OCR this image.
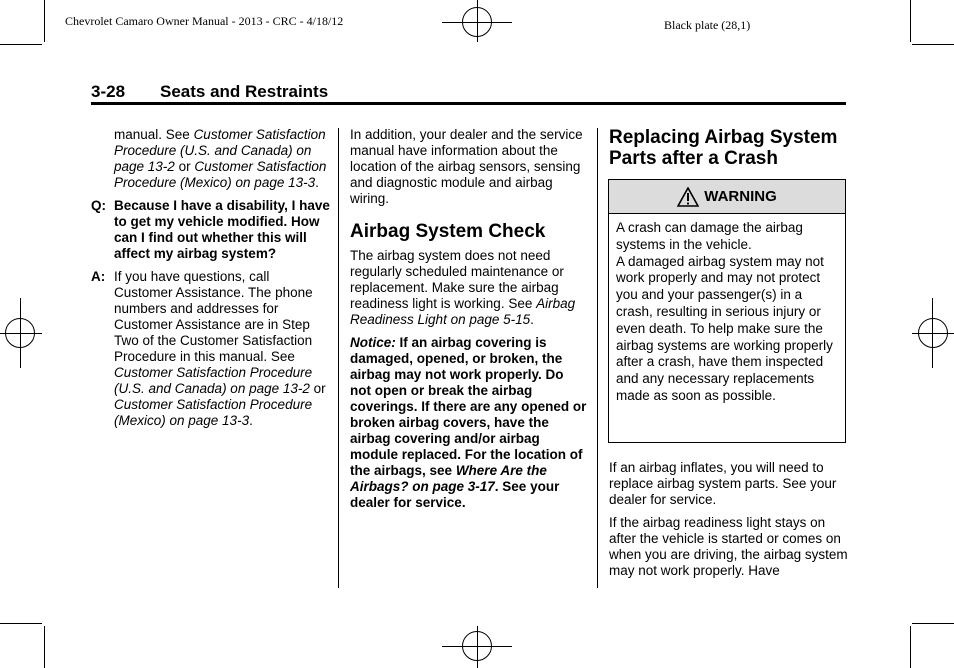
Chevrolet Camaro Owner Manual - 2013 - CRC - 4/18/12	Black plate (28,1)
3-28 Seats and Restraints

manual. See Customer Satisfaction Procedure (U.S. and Canada) on page 13-2 or Customer Satisfaction Procedure (Mexico) on page 13-3.

Q: Because I have a disability, I have to get my vehicle modified. How can I find out whether this will affect my airbag system?
A: If you have questions, call Customer Assistance. The phone numbers and addresses for Customer Assistance are in Step Two of the Customer Satisfaction Procedure in this manual. See Customer Satisfaction Procedure (U.S. and Canada) on page 13-2 or Customer Satisfaction Procedure (Mexico) on page 13-3.

In addition, your dealer and the service manual have information about the location of the airbag sensors, sensing and diagnostic module and airbag wiring.

Airbag System Check

The airbag system does not need regularly scheduled maintenance or replacement. Make sure the airbag readiness light is working. See Airbag Readiness Light on page 5-15.

Notice: If an airbag covering is damaged, opened, or broken, the airbag may not work properly. Do not open or break the airbag coverings. If there are any opened or broken airbag covers, have the airbag covering and/or airbag module replaced. For the location of the airbags, see Where Are the Airbags? on page 3-17. See your dealer for service.

Replacing Airbag System Parts after a Crash
WARNING

A crash can damage the airbag systems in the vehicle.

A damaged airbag system may not work properly and may not protect you and your passenger(s) in a crash, resulting in serious injury or even death. To help make sure the airbag systems are working properly after a crash, have them inspected and any necessary replacements made as soon as possible.

If an airbag inflates, you will need to replace airbag system parts. See your dealer for service.

If the airbag readiness light stays on after the vehicle is started or comes on when you are driving, the airbag system may not work properly. Have
